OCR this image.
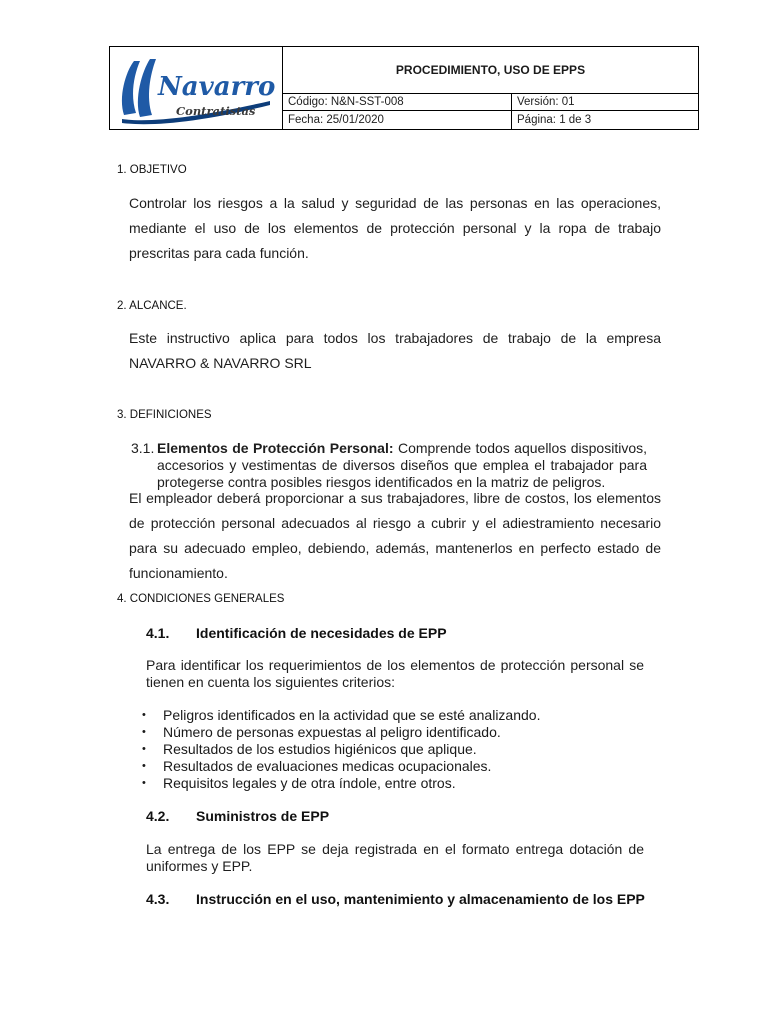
Navarro
Contratistas
PROCEDIMIENTO, USO DE EPPS
Código: N&N-SST-008	Versión: 01
Fecha: 25/01/2020	Página: 1 de 3
1. OBJETIVO
Controlar los riesgos a la salud y seguridad de las personas en las operaciones, mediante el uso de los elementos de protección personal y la ropa de trabajo prescritas para cada función.
2. ALCANCE.
Este instructivo aplica para todos los trabajadores de trabajo de la empresa NAVARRO & NAVARRO SRL
3. DEFINICIONES
3.1. Elementos de Protección Personal: Comprende todos aquellos dispositivos, accesorios y vestimentas de diversos diseños que emplea el trabajador para protegerse contra posibles riesgos identificados en la matriz de peligros.
El empleador deberá proporcionar a sus trabajadores, libre de costos, los elementos de protección personal adecuados al riesgo a cubrir y el adiestramiento necesario para su adecuado empleo, debiendo, además, mantenerlos en perfecto estado de funcionamiento.
4. CONDICIONES GENERALES
4.1. Identificación de necesidades de EPP
Para identificar los requerimientos de los elementos de protección personal se tienen en cuenta los siguientes criterios:
• Peligros identificados en la actividad que se esté analizando.
• Número de personas expuestas al peligro identificado.
• Resultados de los estudios higiénicos que aplique.
• Resultados de evaluaciones medicas ocupacionales.
• Requisitos legales y de otra índole, entre otros.
4.2. Suministros de EPP
La entrega de los EPP se deja registrada en el formato entrega dotación de uniformes y EPP.
4.3. Instrucción en el uso, mantenimiento y almacenamiento de los EPP
